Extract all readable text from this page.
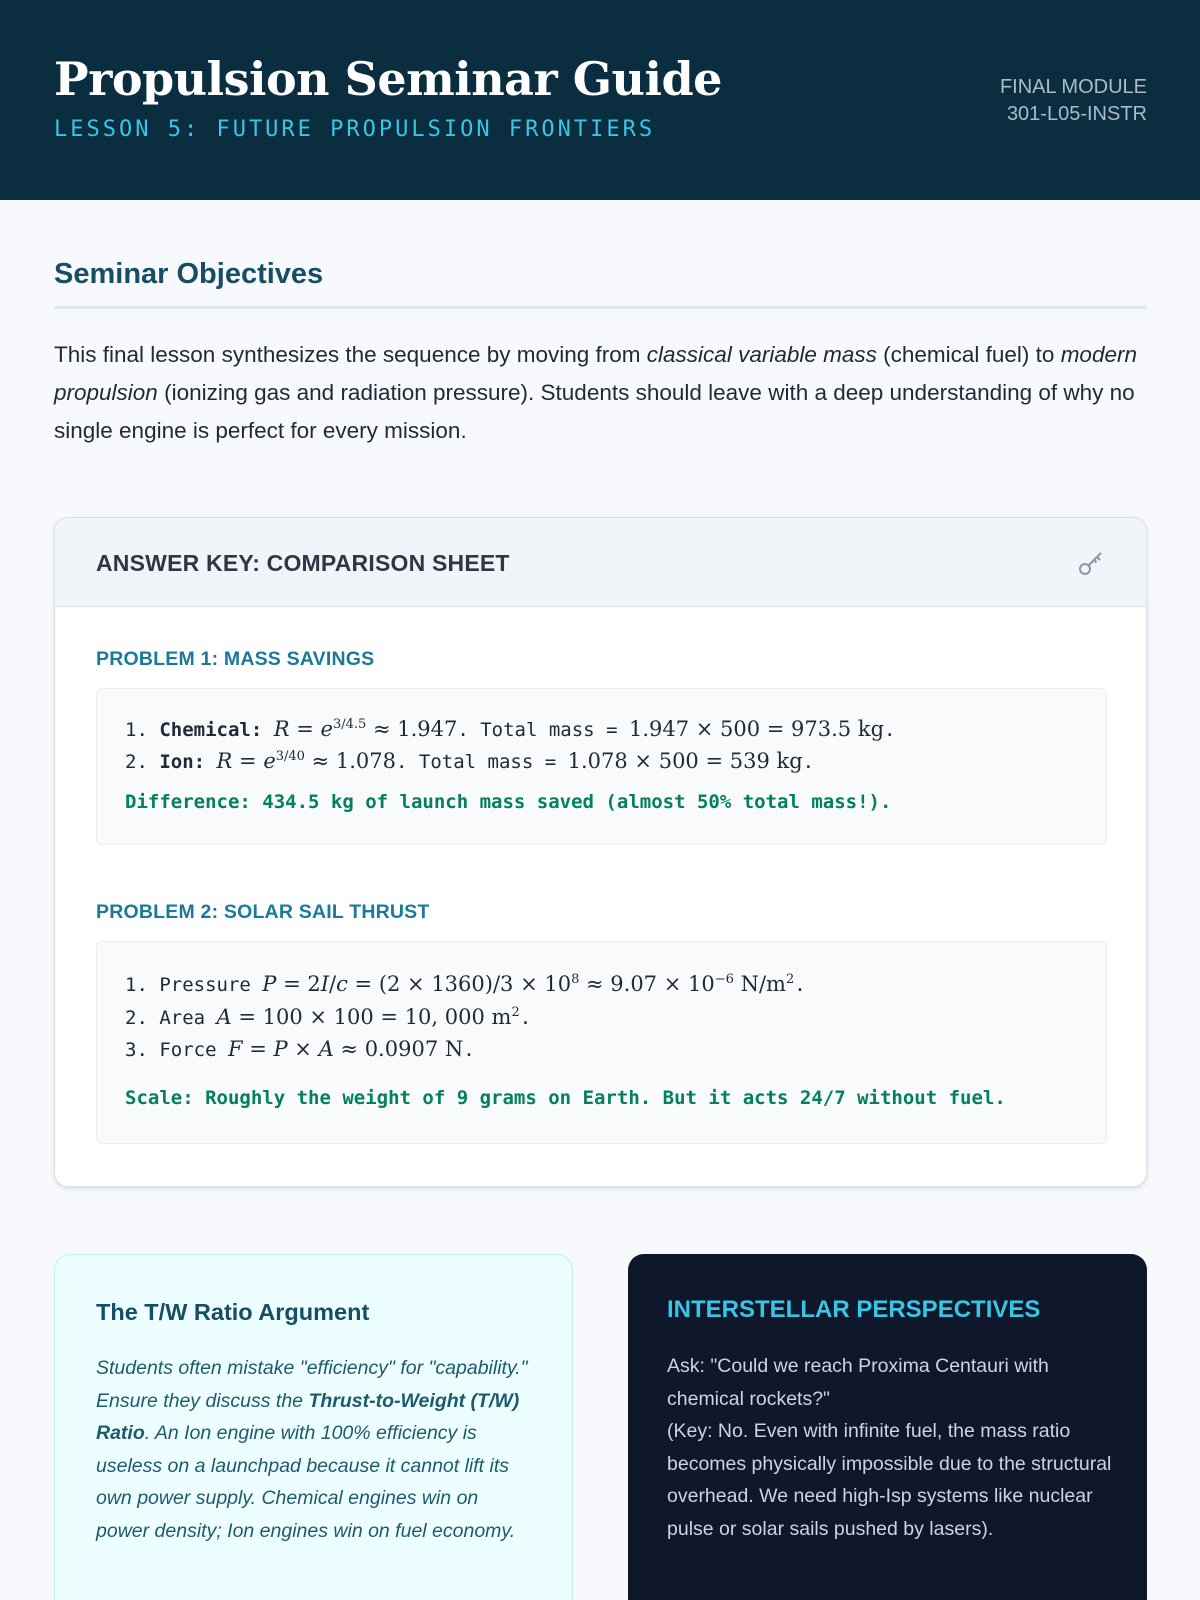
Propulsion Seminar Guide
LESSON 5: FUTURE PROPULSION FRONTIERS
FINAL MODULE
301-L05-INSTR
Seminar Objectives

This final lesson synthesizes the sequence by moving from classical variable mass (chemical fuel) to modern propulsion (ionizing gas and radiation pressure). Students should leave with a deep understanding of why no single engine is perfect for every mission.

ANSWER KEY: COMPARISON SHEET
PROBLEM 1: MASS SAVINGS
1. Chemical: $R = e^{3/4.5} \approx 1.947$. Total mass = 1.947 × 500 = 973.5 kg.
2. Ion: $R = e^{3/40} \approx 1.078$. Total mass = 1.078 × 500 = 539 kg.
Difference: 434.5 kg of launch mass saved (almost 50% total mass!).
PROBLEM 2: SOLAR SAIL THRUST
1. Pressure $P = 2I/c = (2 \times 1360)/3 \times 10^8 \approx 9.07 \times 10^{-6}$ $N/m^2$.
2. Area A = 100 × 100 = 10, 000 $m^2$.
3. Force F = P × A ≈ 0.0907 N.
Scale: Roughly the weight of 9 grams on Earth. But it acts 24/7 without fuel.
The T/W Ratio Argument

Students often mistake "efficiency" for "capability." Ensure they discuss the Thrust-to-Weight (T/W) Ratio. An Ion engine with 100% efficiency is useless on a launchpad because it cannot lift its own power supply. Chemical engines win on power density; Ion engines win on fuel economy.

INTERSTELLAR PERSPECTIVES
Ask: "Could we reach Proxima Centauri with chemical rockets?"
(Key: No. Even with infinite fuel, the mass ratio becomes physically impossible due to the structural overhead. We need high-Isp systems like nuclear pulse or solar sails pushed by lasers).
